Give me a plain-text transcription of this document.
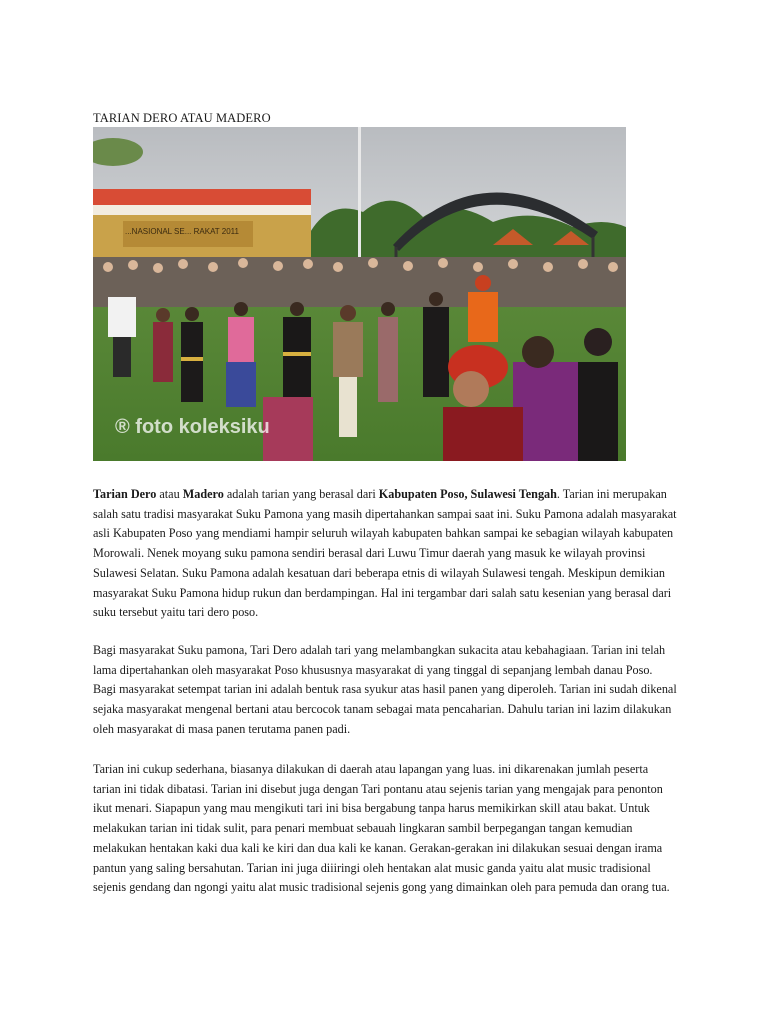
TARIAN DERO ATAU MADERO
...NASIONAL SE... RAKAT 2011
® foto koleksiku

Tarian Dero atau Madero adalah tarian yang berasal dari Kabupaten Poso, Sulawesi Tengah. Tarian ini merupakan salah satu tradisi masyarakat Suku Pamona yang masih dipertahankan sampai saat ini. Suku Pamona adalah masyarakat asli Kabupaten Poso yang mendiami hampir seluruh wilayah kabupaten bahkan sampai ke sebagian wilayah kabupaten Morowali. Nenek moyang suku pamona sendiri berasal dari Luwu Timur daerah yang masuk ke wilayah provinsi Sulawesi Selatan. Suku Pamona adalah kesatuan dari beberapa etnis di wilayah Sulawesi tengah. Meskipun demikian masyarakat Suku Pamona hidup rukun dan berdampingan. Hal ini tergambar dari salah satu kesenian yang berasal dari suku tersebut yaitu tari dero poso.

Bagi masyarakat Suku pamona, Tari Dero adalah tari yang melambangkan sukacita atau kebahagiaan. Tarian ini telah lama dipertahankan oleh masyarakat Poso khususnya masyarakat di yang tinggal di sepanjang lembah danau Poso. Bagi masyarakat setempat tarian ini adalah bentuk rasa syukur atas hasil panen yang diperoleh. Tarian ini sudah dikenal sejaka masyarakat mengenal bertani atau bercocok tanam sebagai mata pencaharian. Dahulu tarian ini lazim dilakukan oleh masyarakat di masa panen terutama panen padi.

Tarian ini cukup sederhana, biasanya dilakukan di daerah atau lapangan yang luas. ini dikarenakan jumlah peserta tarian ini tidak dibatasi. Tarian ini disebut juga dengan Tari pontanu atau sejenis tarian yang mengajak para penonton ikut menari. Siapapun yang mau mengikuti tari ini bisa bergabung tanpa harus memikirkan skill atau bakat. Untuk melakukan tarian ini tidak sulit, para penari membuat sebauah lingkaran sambil berpegangan tangan kemudian melakukan hentakan kaki dua kali ke kiri dan dua kali ke kanan. Gerakan-gerakan ini dilakukan sesuai dengan irama pantun yang saling bersahutan. Tarian ini juga diiiringi oleh hentakan alat music ganda yaitu alat music tradisional sejenis gendang dan ngongi yaitu alat music tradisional sejenis gong yang dimainkan oleh para pemuda dan orang tua.
